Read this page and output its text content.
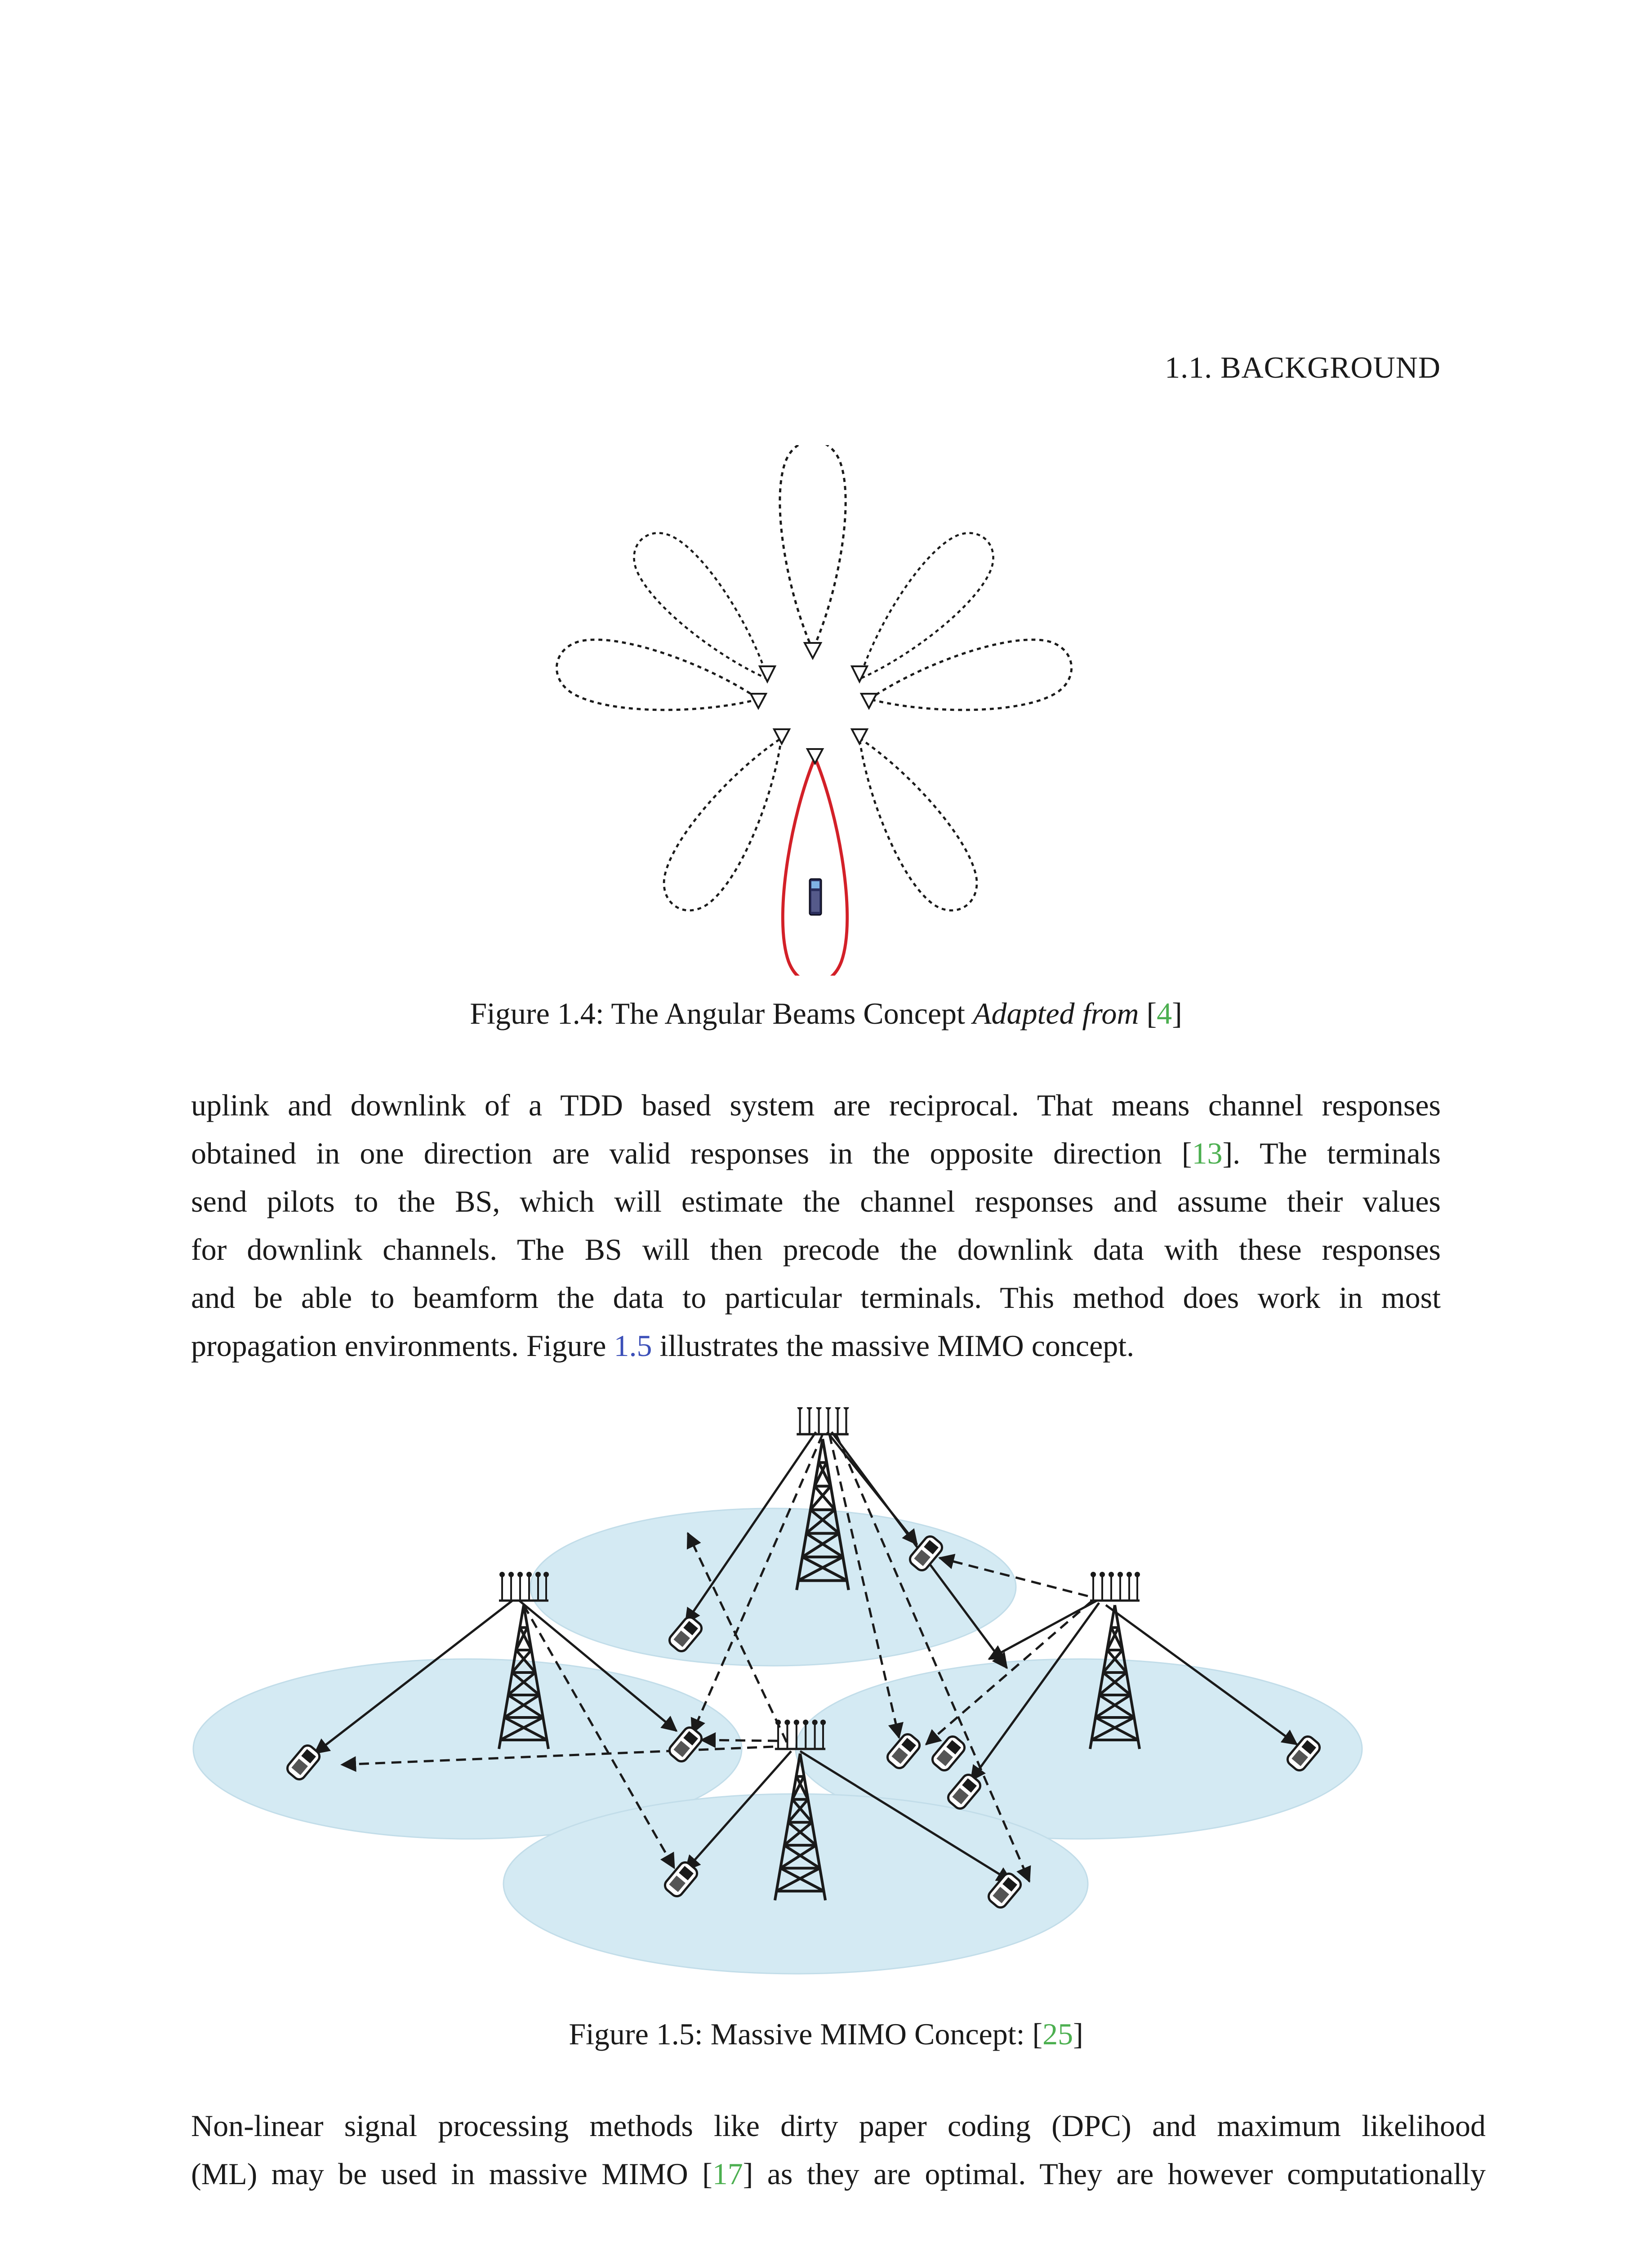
1.1. BACKGROUND
Figure 1.4: The Angular Beams Concept Adapted from [4]
uplink and downlink of a TDD based system are reciprocal. That means channel responses
obtained in one direction are valid responses in the opposite direction [13]. The terminals
send pilots to the BS, which will estimate the channel responses and assume their values
for downlink channels. The BS will then precode the downlink data with these responses
and be able to beamform the data to particular terminals. This method does work in most
propagation environments. Figure 1.5 illustrates the massive MIMO concept.
Figure 1.5: Massive MIMO Concept: [25]
Non-linear signal processing methods like dirty paper coding (DPC) and maximum likelihood
(ML) may be used in massive MIMO [17] as they are optimal. They are however computationally
